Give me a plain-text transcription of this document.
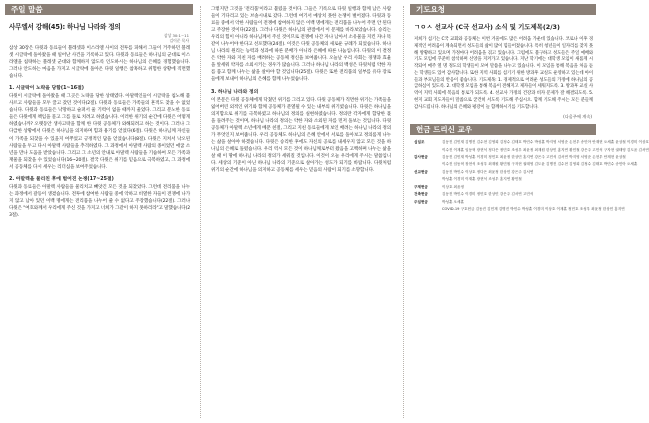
주일 말씀
사무엘서 강해(45): 하나님 나라와 정의
삼상 30:1~11
김이준 목사
삼상 30장은 다윗과 동료들이 블레셋과 이스라엘 사이의 전투를 피해서 그들이 거주하던 블레셋 시글락에 돌아왔을 때 일어난 사건을 기록하고 있다. 다윗과 동료들은 하나님의 군대로 이스라엘을 침략하는 블레셋 군대와 함께하지 않도록 인도하시는 하나님의 은혜를 경험했습니다. 그러나 안도하는 마음을 가지고 시글락에 돌아온 다윗 일행은 참혹하고 위험한 상황에 직면했습니다.
1. 시글락이 노략을 당함(1~16절)
다윗이 시글락에 돌아왔을 때 그곳은 노략을 당한 상태였다. 아말렉인들이 시글락을 침노해 불사르고 사람들을 모두 끌고 갔던 것이다(2절). 다윗과 동료들은 가족들의 흔적도 찾을 수 없었습니다. 다윗과 동료들은 낙망하고 슬퍼서 울 기력이 없을 때까지 울었다. 그리고 분노한 동료들은 다윗에게 책임을 묻고 그를 돌로 치려고 하였습니다. 이러한 위기의 순간에 다윗은 어떻게 하였습니까? 오랫동안 생사고락을 함께 한 다윗 공동체가 와해되려고 하는 것이다. 그러나 그 다급한 상황에서 다윗은 하나님을 의지하며 힘과 용기를 얻었다(6절). 다윗은 하나님께 자신들이 가족을 되찾을 수 있을지 여쭈었고 긍정적인 답을 얻었습니다(8절). 다윗은 지쳐서 낙오된 사람들을 두고 다시 아말렉 사람들을 추격하였다. 그 과정에서 아말렉 사람의 종이었던 애굽 소년을 만나 도움을 받았습니다. 그리고 그 소년의 안내로 아말렉 사람들을 기습하여 모든 가족과 재물을 되찾을 수 있었습니다(16~20절). 결국 다윗은 위기를 믿음으로 극복하였고, 그 과정에서 공동체를 다시 세우는 리더십을 보여주었습니다.
2. 아말렉을 물리친 후에 벌어진 논쟁(17~25절)
다윗과 동료들은 아말렉 사람들을 물리치고 빼앗긴 모든 것을 되찾았다. 그런데 전리품을 나누는 과정에서 갈등이 생겼습니다. 전투에 참여한 사람들 중에 악하고 비열한 자들이 전쟁에 나가지 않고 남아 있던 이백 명에게는 전리품을 나누어 줄 수 없다고 주장했습니다(22절). 그러나 다윗은 "여호와께서 우리에게 주신 것을 가지고 너희가 그같이 하지 못하리라"고 말했습니다(23절).
그렇지만 그것을 '전리품'이라고 불렀을 것이다. 그들은 기록으로 다윗 일행과 함께 남은 사람들이 기다리고 있는 브솔시내로 갔다. 그런데 여기서 예상치 못한 논쟁이 벌어졌다. 다윗과 동료들 중에서 악한 사람들이 전쟁에 참여하지 않은 이백 명에게는 전리품을 나누어 주면 안 된다고 주장한 것이다(22절). 그러나 다윗은 하나님의 관점에서 이 문제를 바라보았습니다. 승리는 우리의 힘이 아니라 하나님께서 주신 것이므로 전쟁에 나간 자나 남아서 소유물을 지킨 자나 똑같이 나누어야 한다고 선포했다(24절). 이것은 다윗 공동체의 새로운 규례가 되었습니다. 하나님 나라의 원리는 능력과 성과에 따른 분배가 아니라 은혜에 따른 나눔입니다. 다윗의 이 결정은 약한 자와 지친 자를 배려하는 공동체 정신을 보여줍니다. 오늘날 우리 사회는 경쟁과 효율을 앞세워 약자를 소외시키는 경우가 많습니다. 그러나 하나님 나라의 백성은 다윗처럼 약한 자를 품고 함께 나누는 삶을 살아야 할 것입니다(25절). 다윗은 또한 전리품의 일부를 유다 장로들에게 보내어 하나님의 은혜를 함께 나누었습니다.
3. 하나님 나라와 정의
이 본문은 다윗 공동체에게 닥쳤던 위기를 그리고 있다. 다윗 공동체가 직면한 위기는 가족들을 잃어버린 외적인 위기와 함께 공동체가 분열될 수 있는 내부의 위기였습니다. 다윗은 하나님을 의지함으로 위기를 극복하였고 하나님의 정의를 실현하였습니다. 정의란 각자에게 합당한 몫을 돌려주는 것이며, 하나님 나라의 정의는 약한 자와 소외된 자를 먼저 돌보는 것입니다. 다윗 공동체가 아말렉 소년에게 베푼 친절, 그리고 지친 동료들에게 보인 배려는 하나님 나라의 정의가 무엇인지 보여줍니다. 우리 공동체도 하나님의 은혜 안에서 서로를 돌아보고 정의롭게 나누는 삶을 살아야 하겠습니다. 다윗은 승리한 후에도 자신의 공로를 내세우지 않고 모든 것을 하나님의 은혜로 돌렸습니다. 우리 역시 모든 것이 하나님께로부터 왔음을 고백하며 나누는 삶을 살 때 이 땅에 하나님 나라의 정의가 세워질 것입니다. 이것이 오늘 우리에게 주시는 말씀입니다. 세상의 기준이 아닌 하나님 나라의 기준으로 살아가는 성도가 되기를 바랍니다. 다윗처럼 위기의 순간에 하나님을 의지하고 공동체를 세우는 믿음의 사람이 되기를 소망합니다.
기도요청
ㄱㅇㅅ 선교사 (C국 선교사) 소식 및 기도제목(2/3)
저희가 섬기는 C국 교회와 공동체는 이번 겨울에도 많은 어려움 가운데 있습니다. 코로나 이후 경제적인 어려움이 계속되면서 성도들의 삶이 많이 힘들어졌습니다. 특히 청년들이 일자리를 찾지 못해 방황하고 있으며 가정마다 어려움을 겪고 있습니다. 그럼에도 불구하고 성도들은 주일 예배와 기도 모임에 꾸준히 참석하며 신앙을 지켜가고 있습니다. 지난 학기에는 대학생 모임이 새롭게 시작되어 매주 열 명 정도의 학생들이 모여 말씀을 나누고 있습니다. 이 모임을 통해 복음을 처음 듣는 학생들도 있어 감사합니다. 또한 지역 사회를 섬기기 위한 방과후 교실도 운영하고 있는데 아이들과 부모님들의 반응이 좋습니다. 기도제목: 1. 경제적으로 어려운 성도들의 가정에 하나님의 공급하심이 있도록. 2. 대학생 모임을 통해 복음이 전해지고 제자들이 세워지도록. 3. 방과후 교실 사역이 지역 사회에 복음의 통로가 되도록. 4. 선교사 가정의 건강과 비자 문제가 잘 해결되도록. 5. 현지 교회 지도자들이 말씀으로 굳건히 서도록 기도해 주십시오. 함께 기도해 주시는 모든 분들께 감사드립니다. 하나님의 은혜와 평강이 늘 함께하시기를 기도합니다.
(다음주에 계속)
헌금 드리신 교우
십일조	김동진 김민재 김병진 김수현 김영희 김정수 김태호 박민수 박성훈 박지영 서영준 손현우 송민아 안재현 오세훈 윤상철 이경미 이상호
이수진 이재훈 임동혁 장현석 정다은 정민호 조성우 최윤정 최재원 한상민 홍지연 황민철 강은주 고민석 구자현 권태영 김도윤 김서연
감사헌금	김동진 김민재 박성훈 이경미 정민호 최윤정 한상민 홍지연 강은주 고민석 김서연 박지영 서영준 손현우 안재현 윤상철
이수진 임동혁 장현석 조성우 최재원 황민철 구자현 권태영 김도윤 김병진 김수현 김영희 김정수 김태호 박민수 송민아 오세훈
선교헌금	김동진 박민수 이상호 정다은 최윤정 한상민 강은주 김서연
박성훈 이경미 이재훈 장현석 조성우 홍지연 황민철
구제헌금	이상호 최윤정
건축헌금	김동진 박민수 이경미 정민호 한상민 강은주 김서연 고민석
주일헌금	박성훈 오세훈
COVID-19 구호헌금 김동진 김민재 김병진 박민수 박성훈 이경미 이상호 이재훈 정민호 조성우 최윤정 한상민 홍지연
